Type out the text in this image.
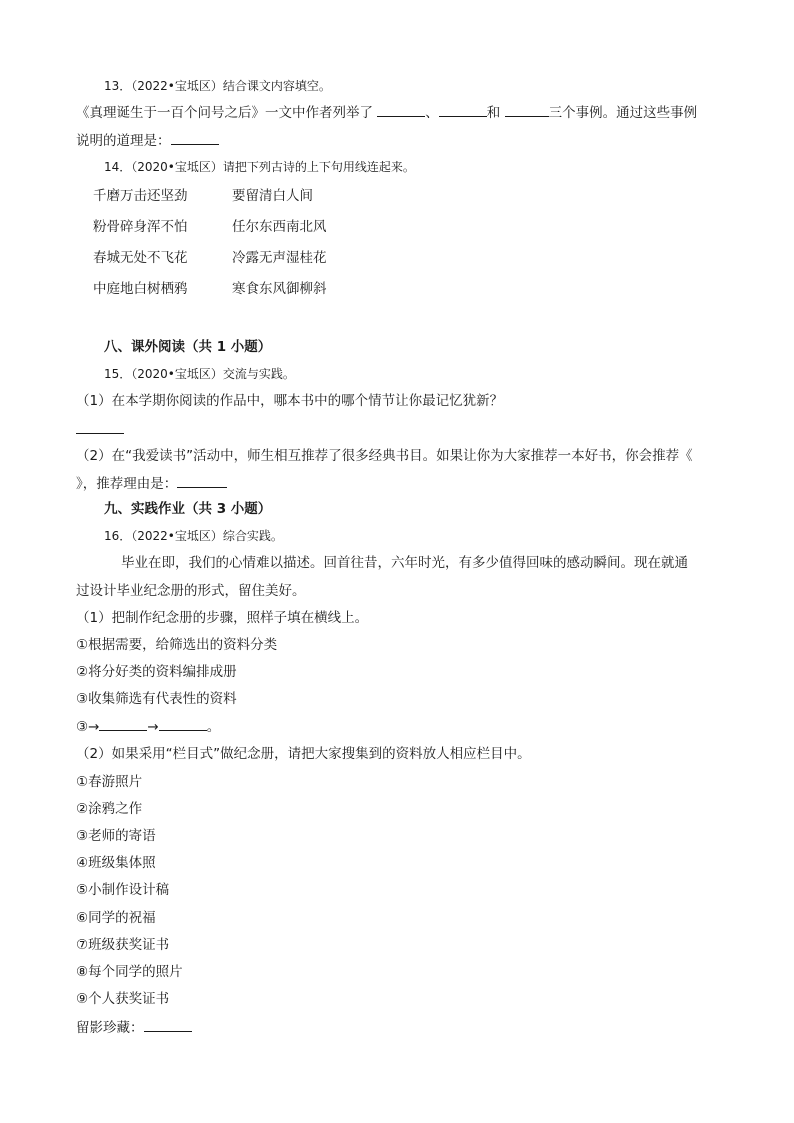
13．（2022•宝坻区）结合课文内容填空。
《真理诞生于一百个问号之后》一文中作者列举了	、	和	三个事例。通过这些事例
说明的道理是：
14．（2020•宝坻区）请把下列古诗的上下句用线连起来。
千磨万击还坚劲	要留清白人间
粉骨碎身浑不怕	任尔东西南北风
春城无处不飞花	冷露无声湿桂花
中庭地白树栖鸦	寒食东风御柳斜
八、课外阅读（共 1 小题）
15．（2020•宝坻区）交流与实践。
（1）在本学期你阅读的作品中，哪本书中的哪个情节让你最记忆犹新？
（2）在“我爱读书”活动中，师生相互推荐了很多经典书目。如果让你为大家推荐一本好书，你会推荐《
》，推荐理由是：
九、实践作业（共 3 小题）
16．（2022•宝坻区）综合实践。
毕业在即，我们的心情难以描述。回首往昔，六年时光，有多少值得回味的感动瞬间。现在就通
过设计毕业纪念册的形式，留住美好。
（1）把制作纪念册的步骤，照样子填在横线上。
①根据需要，给筛选出的资料分类
②将分好类的资料编排成册
③收集筛选有代表性的资料
③→	→	。
（2）如果采用“栏目式”做纪念册，请把大家搜集到的资料放人相应栏目中。
①春游照片
②涂鸦之作
③老师的寄语
④班级集体照
⑤小制作设计稿
⑥同学的祝福
⑦班级获奖证书
⑧每个同学的照片
⑨个人获奖证书
留影珍藏：
